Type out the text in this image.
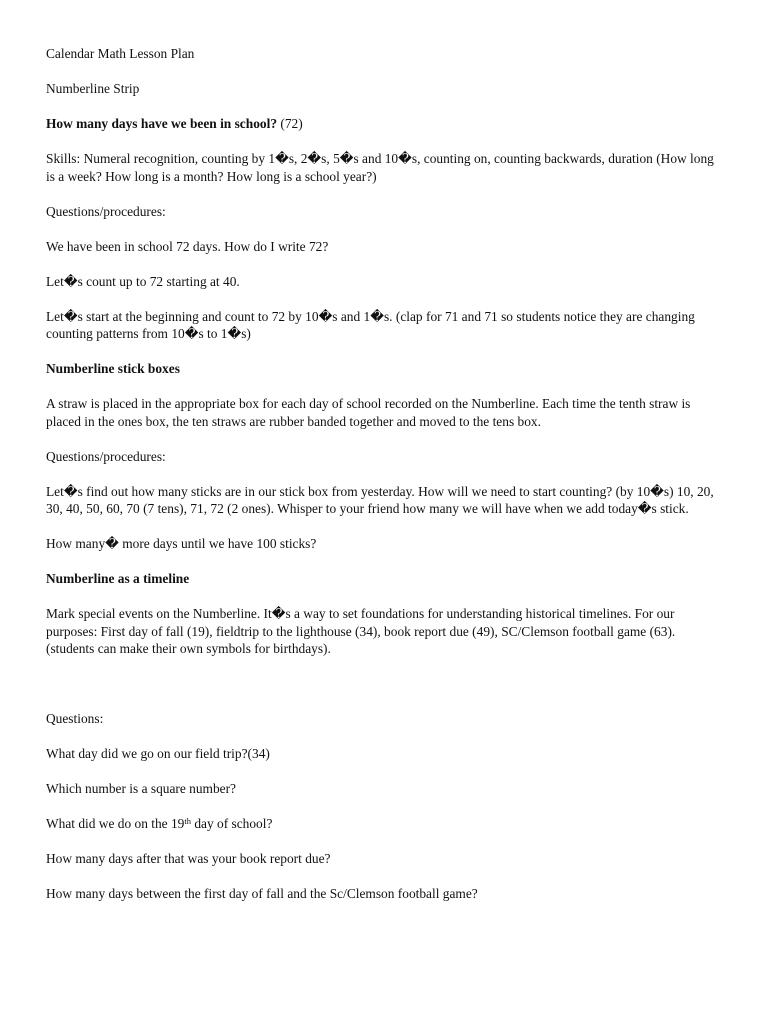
Calendar Math Lesson Plan

Numberline Strip

How many days have we been in school? (72)

Skills: Numeral recognition, counting by 1�s, 2�s, 5�s and 10�s, counting on, counting backwards, duration (How long is a week? How long is a month? How long is a school year?)

Questions/procedures:

We have been in school 72 days. How do I write 72?

Let�s count up to 72 starting at 40.

Let�s start at the beginning and count to 72 by 10�s and 1�s. (clap for 71 and 71 so students notice they are changing counting patterns from 10�s to 1�s)

Numberline stick boxes

A straw is placed in the appropriate box for each day of school recorded on the Numberline. Each time the tenth straw is placed in the ones box, the ten straws are rubber banded together and moved to the tens box.

Questions/procedures:

Let�s find out how many sticks are in our stick box from yesterday. How will we need to start counting? (by 10�s) 10, 20, 30, 40, 50, 60, 70 (7 tens), 71, 72 (2 ones). Whisper to your friend how many we will have when we add today�s stick.

How many� more days until we have 100 sticks?

Numberline as a timeline

Mark special events on the Numberline. It�s a way to set foundations for understanding historical timelines. For our purposes: First day of fall (19), fieldtrip to the lighthouse (34), book report due (49), SC/Clemson football game (63). (students can make their own symbols for birthdays).

Questions:

What day did we go on our field trip?(34)

Which number is a square number?

What did we do on the 19th day of school?

How many days after that was your book report due?

How many days between the first day of fall and the Sc/Clemson football game?
